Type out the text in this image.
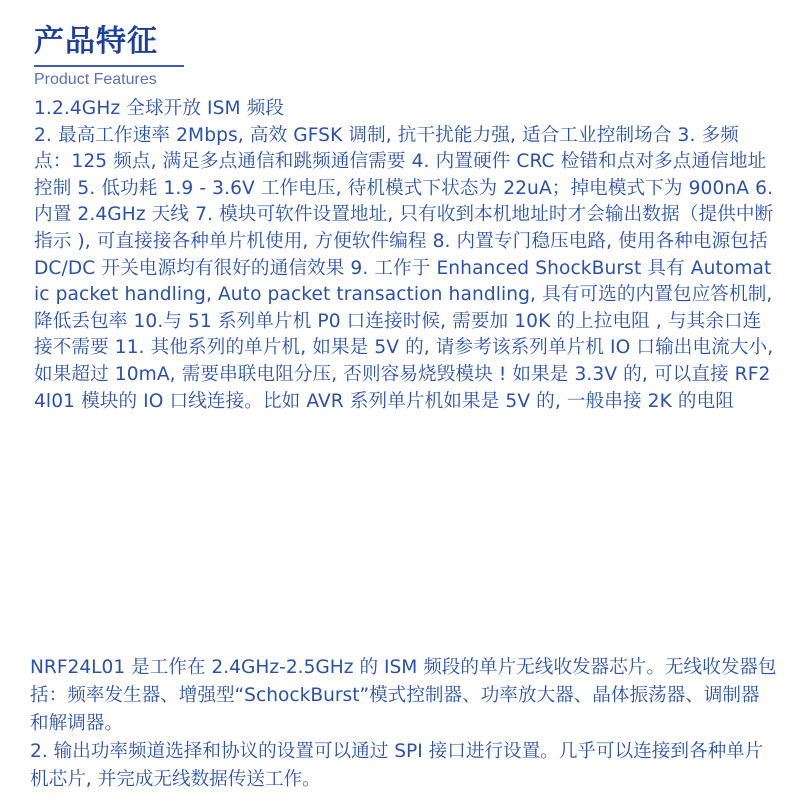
产品特征
Product Features
1.2.4GHz 全球开放 ISM 频段
2. 最高工作速率 2Mbps, 高效 GFSK 调制, 抗干扰能力强, 适合工业控制场合 3. 多频点：125 频点, 满足多点通信和跳频通信需要 4. 内置硬件 CRC 检错和点对多点通信地址控制 5. 低功耗 1.9 - 3.6V 工作电压, 待机模式下状态为 22uA；掉电模式下为 900nA 6. 内置 2.4GHz 天线 7. 模块可软件设置地址, 只有收到本机地址时才会输出数据（提供中断指示 ), 可直接接各种单片机使用, 方便软件编程 8. 内置专门稳压电路, 使用各种电源包括 DC/DC 开关电源均有很好的通信效果 9. 工作于 Enhanced ShockBurst 具有 Automatic packet handling, Auto packet transaction handling, 具有可选的内置包应答机制, 降低丢包率 10.与 51 系列单片机 P0 口连接时候, 需要加 10K 的上拉电阻 , 与其余口连接不需要 11. 其他系列的单片机, 如果是 5V 的, 请参考该系列单片机 IO 口输出电流大小, 如果超过 10mA, 需要串联电阻分压, 否则容易烧毁模块 ! 如果是 3.3V 的, 可以直接 RF24l01 模块的 IO 口线连接。比如 AVR 系列单片机如果是 5V 的, 一般串接 2K 的电阻

NRF24L01 是工作在 2.4GHz-2.5GHz 的 ISM 频段的单片无线收发器芯片。无线收发器包括：频率发生器、增强型“SchockBurst”模式控制器、功率放大器、晶体振荡器、调制器和解调器。

2. 输出功率频道选择和协议的设置可以通过 SPI 接口进行设置。几乎可以连接到各种单片机芯片, 并完成无线数据传送工作。
